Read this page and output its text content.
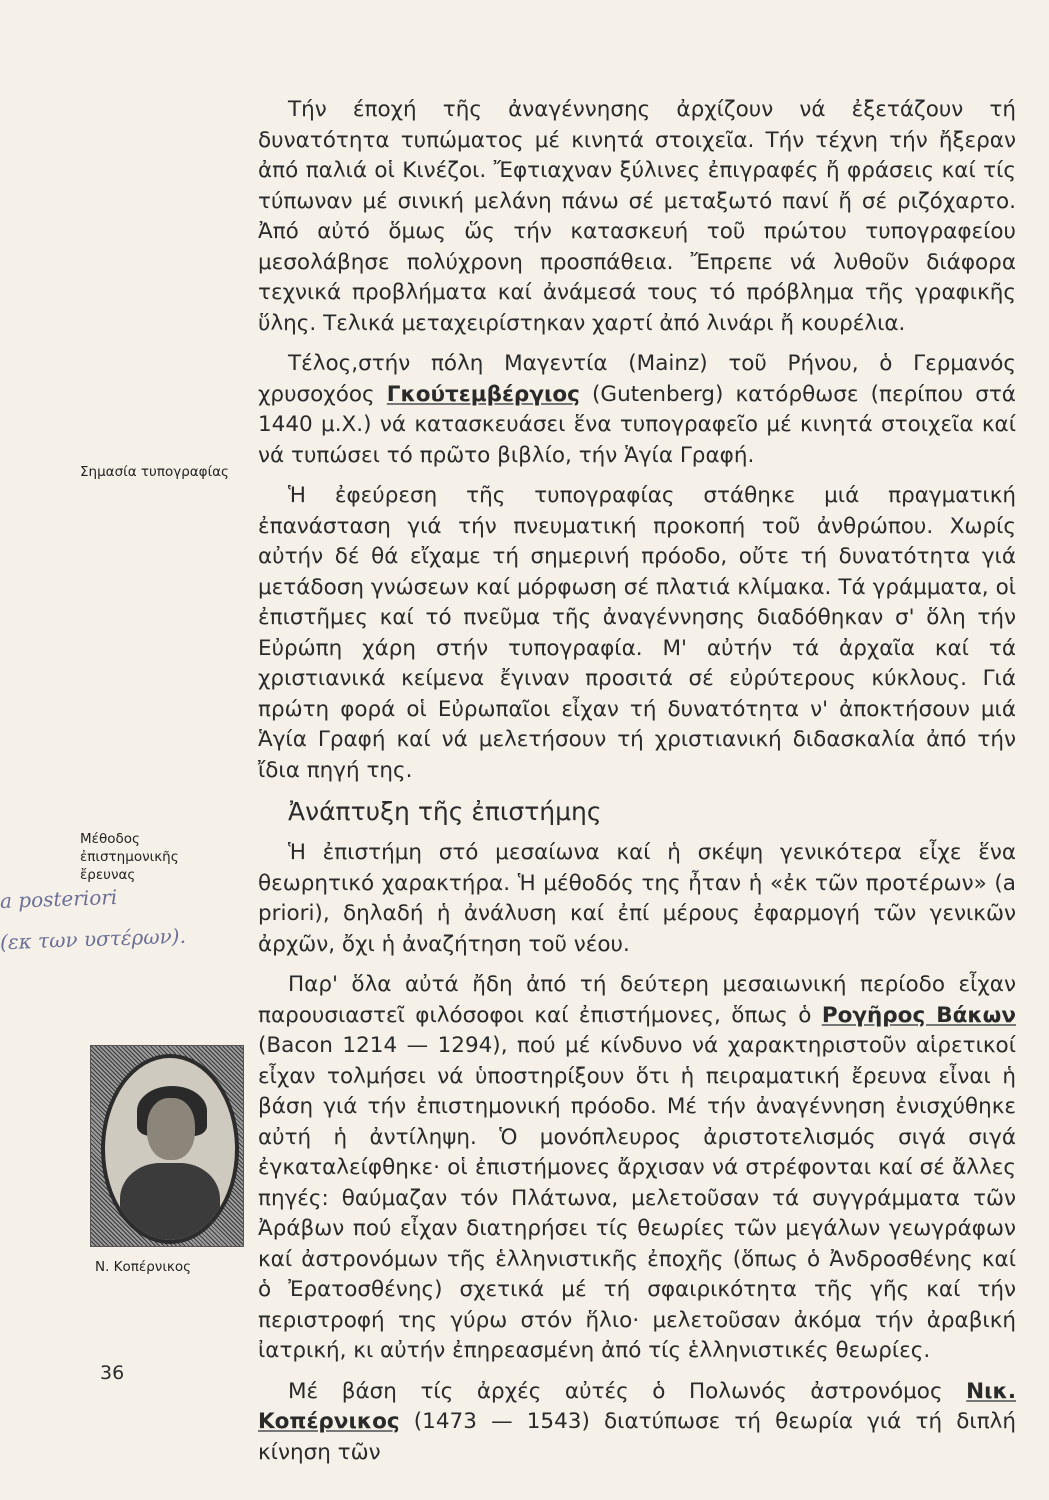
Τήν έποχή τῆς ἀναγέννησης ἀρχίζουν νά ἐξετάζουν τή δυνατότητα τυπώματος μέ κινητά στοιχεῖα. Τήν τέχνη τήν ἤξεραν ἀπό παλιά οἱ Κινέζοι. Ἔφτιαχναν ξύλινες ἐπιγραφές ἤ φράσεις καί τίς τύπωναν μέ σινική μελάνη πάνω σέ μεταξωτό πανί ἤ σέ ριζόχαρτο. Ἀπό αὐτό ὅμως ὥς τήν κατασκευή τοῦ πρώτου τυπογραφείου μεσολάβησε πολύχρονη προσπάθεια. Ἔπρεπε νά λυθοῦν διάφορα τεχνικά προβλήματα καί ἀνάμεσά τους τό πρόβλημα τῆς γραφικῆς ὕλης. Τελικά μεταχειρίστηκαν χαρτί ἀπό λινάρι ἤ κουρέλια.

Τέλος,στήν πόλη Μαγεντία (Mainz) τοῦ Ρήνου, ὁ Γερμανός χρυσοχόος Γκούτεμβέργιος (Gutenberg) κατόρθωσε (περίπου στά 1440 μ.Χ.) νά κατασκευάσει ἕνα τυπογραφεῖο μέ κινητά στοιχεῖα καί νά τυπώσει τό πρῶτο βιβλίο, τήν Ἁγία Γραφή.

Ἡ ἐφεύρεση τῆς τυπογραφίας στάθηκε μιά πραγματική ἐπανάσταση γιά τήν πνευματική προκοπή τοῦ ἀνθρώπου. Χωρίς αὐτήν δέ θά εἴχαμε τή σημερινή πρόοδο, οὔτε τή δυνατότητα γιά μετάδοση γνώσεων καί μόρφωση σέ πλατιά κλίμακα. Τά γράμματα, οἱ ἐπιστῆμες καί τό πνεῦμα τῆς ἀναγέννησης διαδόθηκαν σ' ὅλη τήν Εὐρώπη χάρη στήν τυπογραφία. Μ' αὐτήν τά ἀρχαῖα καί τά χριστιανικά κείμενα ἔγιναν προσιτά σέ εὐρύτερους κύκλους. Γιά πρώτη φορά οἱ Εὐρωπαῖοι εἶχαν τή δυνατότητα ν' ἀποκτήσουν μιά Ἁγία Γραφή καί νά μελετήσουν τή χριστιανική διδασκαλία ἀπό τήν ἴδια πηγή της.

Ἀνάπτυξη τῆς ἐπιστήμης

Ἡ ἐπιστήμη στό μεσαίωνα καί ἡ σκέψη γενικότερα εἶχε ἕνα θεωρητικό χαρακτήρα. Ἡ μέθοδός της ἦταν ἡ «ἐκ τῶν προτέρων» (a priori), δηλαδή ἡ ἀνάλυση καί ἐπί μέρους ἐφαρμογή τῶν γενικῶν ἀρχῶν, ὄχι ἡ ἀναζήτηση τοῦ νέου.

Παρ' ὅλα αὐτά ἤδη ἀπό τή δεύτερη μεσαιωνική περίοδο εἶχαν παρουσιαστεῖ φιλόσοφοι καί ἐπιστήμονες, ὅπως ὁ Ρογῆρος Βάκων (Bacon 1214 — 1294), πού μέ κίνδυνο νά χαρακτηριστοῦν αἱρετικοί εἶχαν τολμήσει νά ὑποστηρίξουν ὅτι ἡ πειραματική ἔρευνα εἶναι ἡ βάση γιά τήν ἐπιστημονική πρόοδο. Μέ τήν ἀναγέννηση ἐνισχύθηκε αὐτή ἡ ἀντίληψη. Ὁ μονόπλευρος ἀριστοτελισμός σιγά σιγά ἐγκαταλείφθηκε· οἱ ἐπιστήμονες ἄρχισαν νά στρέφονται καί σέ ἄλλες πηγές: θαύμαζαν τόν Πλάτωνα, μελετοῦσαν τά συγγράμματα τῶν Ἀράβων πού εἶχαν διατηρήσει τίς θεωρίες τῶν μεγάλων γεωγράφων καί ἀστρονόμων τῆς ἑλληνιστικῆς ἐποχῆς (ὅπως ὁ Ἀνδροσθένης καί ὁ Ἐρατοσθένης) σχετικά μέ τή σφαιρικότητα τῆς γῆς καί τήν περιστροφή της γύρω στόν ἥλιο· μελετοῦσαν ἀκόμα τήν ἀραβική ἰατρική, κι αὐτήν ἐπηρεασμένη ἀπό τίς ἑλληνιστικές θεωρίες.

Μέ βάση τίς ἀρχές αὐτές ὁ Πολωνός ἀστρονόμος Νικ. Κοπέρνικος (1473 — 1543) διατύπωσε τή θεωρία γιά τή διπλή κίνηση τῶν

Σημασία τυπογραφίας
Μέθοδος ἐπιστημονικῆς ἔρευνας
a posteriori
(εκ των υστέρων).
Ν. Κοπέρνικος
36
